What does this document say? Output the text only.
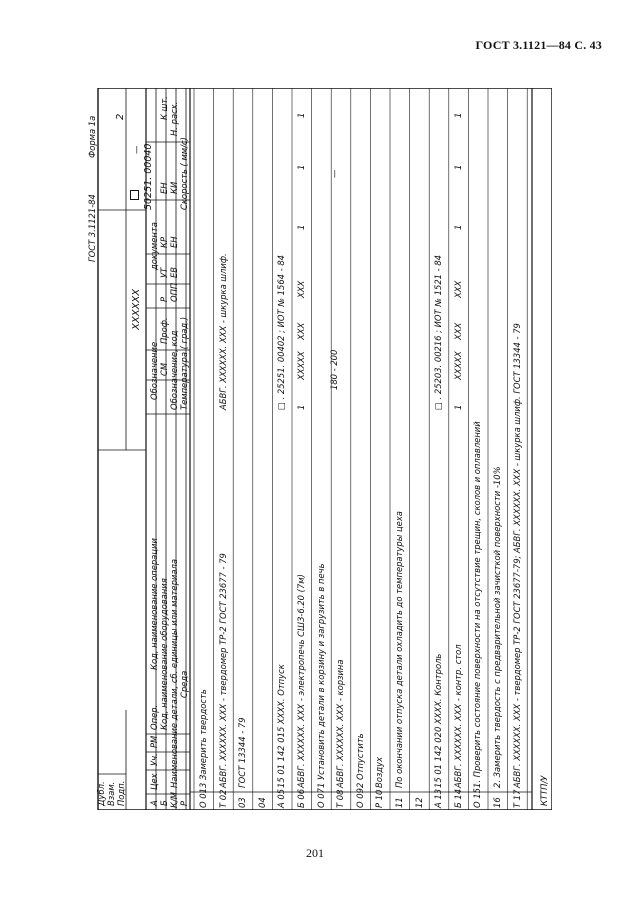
ГОСТ 3.1121—84 С. 43
ГОСТ 3.1121-84
Форма 1а
Дубл. Взам. Подп.
ХХХХХХ
50251. 00040
—
2
А Б К/М Р
Цех
Уч.
РМ
Опер.
Код, наименование операции
Обозначение
документа
Код, наименование оборудования
СМ
Проф.
Р
УТ
КР
ЕН
К шт.
Наименование детали, сб. единицы или материала
Обозначение, код
ОПП
ЕВ
ЕН
КИ
Н. расх.
Среда
Температура ( град.)
Скорость ( мм/с)
О 01
3 Замерить твердость
Т 02
АБВГ. ХХХХХХ. ХХХ - твердомер ТР-2 ГОСТ 23677 - 79
АБВГ. ХХХХХХ. ХХХ - шкурка шлиф.
03
ГОСТ 13344 - 79
04 А 05
15 01 142 015 ХХХХ. Отпуск
□ . 25251. 00402 ; ИОТ № 1564 - 84
Б 06
АБВГ. ХХХХХХ. ХХХ - электропечь СШЗ-6.20 (7м)
О 07
1 Установить детали в корзину и загрузить в печь
Т 08
АБВГ. ХХХХХХ. ХХХ - корзина
О 09
2 Отпустить
Р 10
Воздух
11
По окончании отпуска детали охладить до температуры цеха
12 А 13
15 01 142 020 ХХХХ. Контроль
□ . 25203. 00216 ; ИОТ № 1521 - 84
Б 14
АБВГ. ХХХХХХ. ХХХ - контр. стол
О 15
1. Проверить состояние поверхности на отсутствие трещин, сколов и оплавлений
16
2. Замерить твердость с предварительной зачисткой поверхности -10%
Т 17
АБВГ. ХХХХХХ. ХХХ - твердомер ТР-2 ГОСТ 23677-79; АБВГ. ХХХХХХ. ХХХ - шкурка шлиф. ГОСТ 13344 - 79
1
ХХХХХ
ХХХ
ХХХ
1
1
1
1
ХХХХХ
ХХХ
ХХХ
1
1
1
180 - 200
—
КТТП/У
201
